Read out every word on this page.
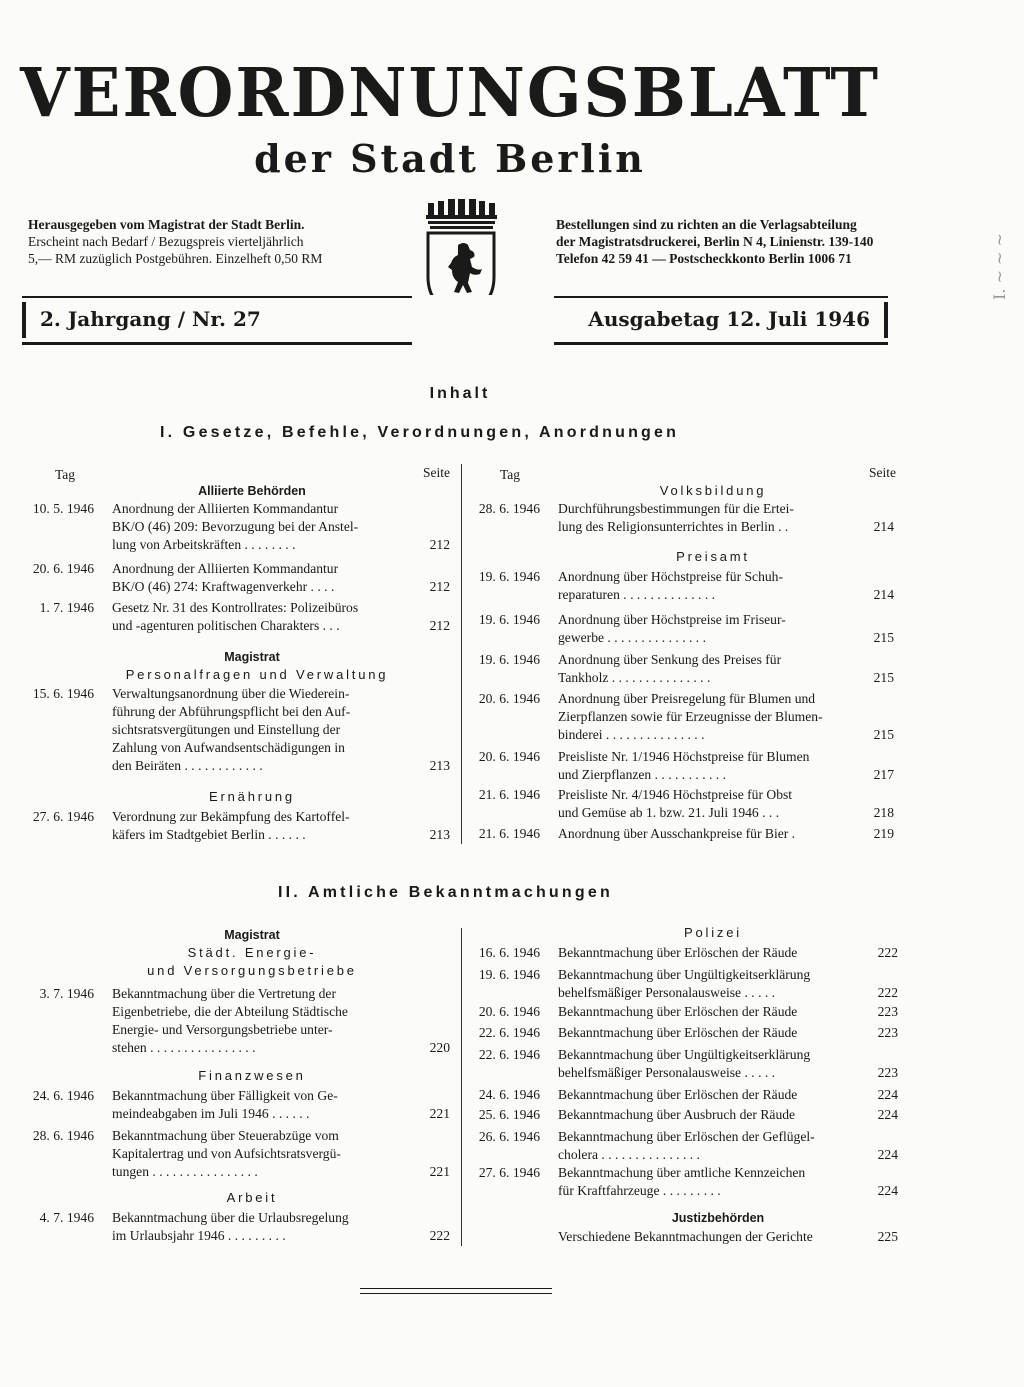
VERORDNUNGSBLATT
der Stadt Berlin
Herausgegeben vom Magistrat der Stadt Berlin.
Erscheint nach Bedarf / Bezugspreis vierteljährlich
5,— RM zuzüglich Postgebühren. Einzelheft 0,50 RM
Bestellungen sind zu richten an die Verlagsabteilung
der Magistratsdruckerei, Berlin N 4, Linienstr. 139-140
Telefon 42 59 41 — Postscheckkonto Berlin 1006 71	I. ~ ~ ~
2. Jahrgang / Nr. 27	Ausgabetag 12. Juli 1946
Inhalt
I. Gesetze, Befehle, Verordnungen, Anordnungen
Tag	Seite
Alliierte Behörden
10. 5. 1946 Anordnung der Alliierten Kommandantur
BK/O (46) 209: Bevorzugung bei der Anstel-
lung von Arbeitskräften . . . . . . . .	212
20. 6. 1946 Anordnung der Alliierten Kommandantur
BK/O (46) 274: Kraftwagenverkehr . . . .	212
1. 7. 1946 Gesetz Nr. 31 des Kontrollrates: Polizeibüros
und -agenturen politischen Charakters . . .	212
Magistrat
Personalfragen und Verwaltung
15. 6. 1946 Verwaltungsanordnung über die Wiederein-
führung der Abführungspflicht bei den Auf-
sichtsratsvergütungen und Einstellung der
Zahlung von Aufwandsentschädigungen in
den Beiräten . . . . . . . . . . . .	213
Ernährung
27. 6. 1946 Verordnung zur Bekämpfung des Kartoffel-
käfers im Stadtgebiet Berlin . . . . . .	213
Tag	Seite
Volksbildung
28. 6. 1946 Durchführungsbestimmungen für die Ertei-
lung des Religionsunterrichtes in Berlin . .	214
Preisamt
19. 6. 1946 Anordnung über Höchstpreise für Schuh-
reparaturen . . . . . . . . . . . . . .	214
19. 6. 1946 Anordnung über Höchstpreise im Friseur-
gewerbe . . . . . . . . . . . . . . .	215
19. 6. 1946 Anordnung über Senkung des Preises für
Tankholz . . . . . . . . . . . . . . .	215
20. 6. 1946 Anordnung über Preisregelung für Blumen und
Zierpflanzen sowie für Erzeugnisse der Blumen-
binderei . . . . . . . . . . . . . . .	215
20. 6. 1946 Preisliste Nr. 1/1946 Höchstpreise für Blumen
und Zierpflanzen . . . . . . . . . . .	217
21. 6. 1946 Preisliste Nr. 4/1946 Höchstpreise für Obst
und Gemüse ab 1. bzw. 21. Juli 1946 . . .	218
21. 6. 1946 Anordnung über Ausschankpreise für Bier .	219
II. Amtliche Bekanntmachungen
Magistrat
Städt. Energie-
und Versorgungsbetriebe
3. 7. 1946 Bekanntmachung über die Vertretung der
Eigenbetriebe, die der Abteilung Städtische
Energie- und Versorgungsbetriebe unter-
stehen . . . . . . . . . . . . . . . .	220
Finanzwesen
24. 6. 1946 Bekanntmachung über Fälligkeit von Ge-
meindeabgaben im Juli 1946 . . . . . .	221
28. 6. 1946 Bekanntmachung über Steuerabzüge vom
Kapitalertrag und von Aufsichtsratsvergü-
tungen . . . . . . . . . . . . . . . .	221
Arbeit
4. 7. 1946 Bekanntmachung über die Urlaubsregelung
im Urlaubsjahr 1946 . . . . . . . . .	222
Polizei
16. 6. 1946 Bekanntmachung über Erlöschen der Räude	222
19. 6. 1946 Bekanntmachung über Ungültigkeitserklärung
behelfsmäßiger Personalausweise . . . . .	222
20. 6. 1946 Bekanntmachung über Erlöschen der Räude	223
22. 6. 1946 Bekanntmachung über Erlöschen der Räude	223
22. 6. 1946 Bekanntmachung über Ungültigkeitserklärung
behelfsmäßiger Personalausweise . . . . .	223
24. 6. 1946 Bekanntmachung über Erlöschen der Räude	224
25. 6. 1946 Bekanntmachung über Ausbruch der Räude	224
26. 6. 1946 Bekanntmachung über Erlöschen der Geflügel-
cholera . . . . . . . . . . . . . . .	224
27. 6. 1946 Bekanntmachung über amtliche Kennzeichen
für Kraftfahrzeuge . . . . . . . . .	224
Justizbehörden
Verschiedene Bekanntmachungen der Gerichte	225
